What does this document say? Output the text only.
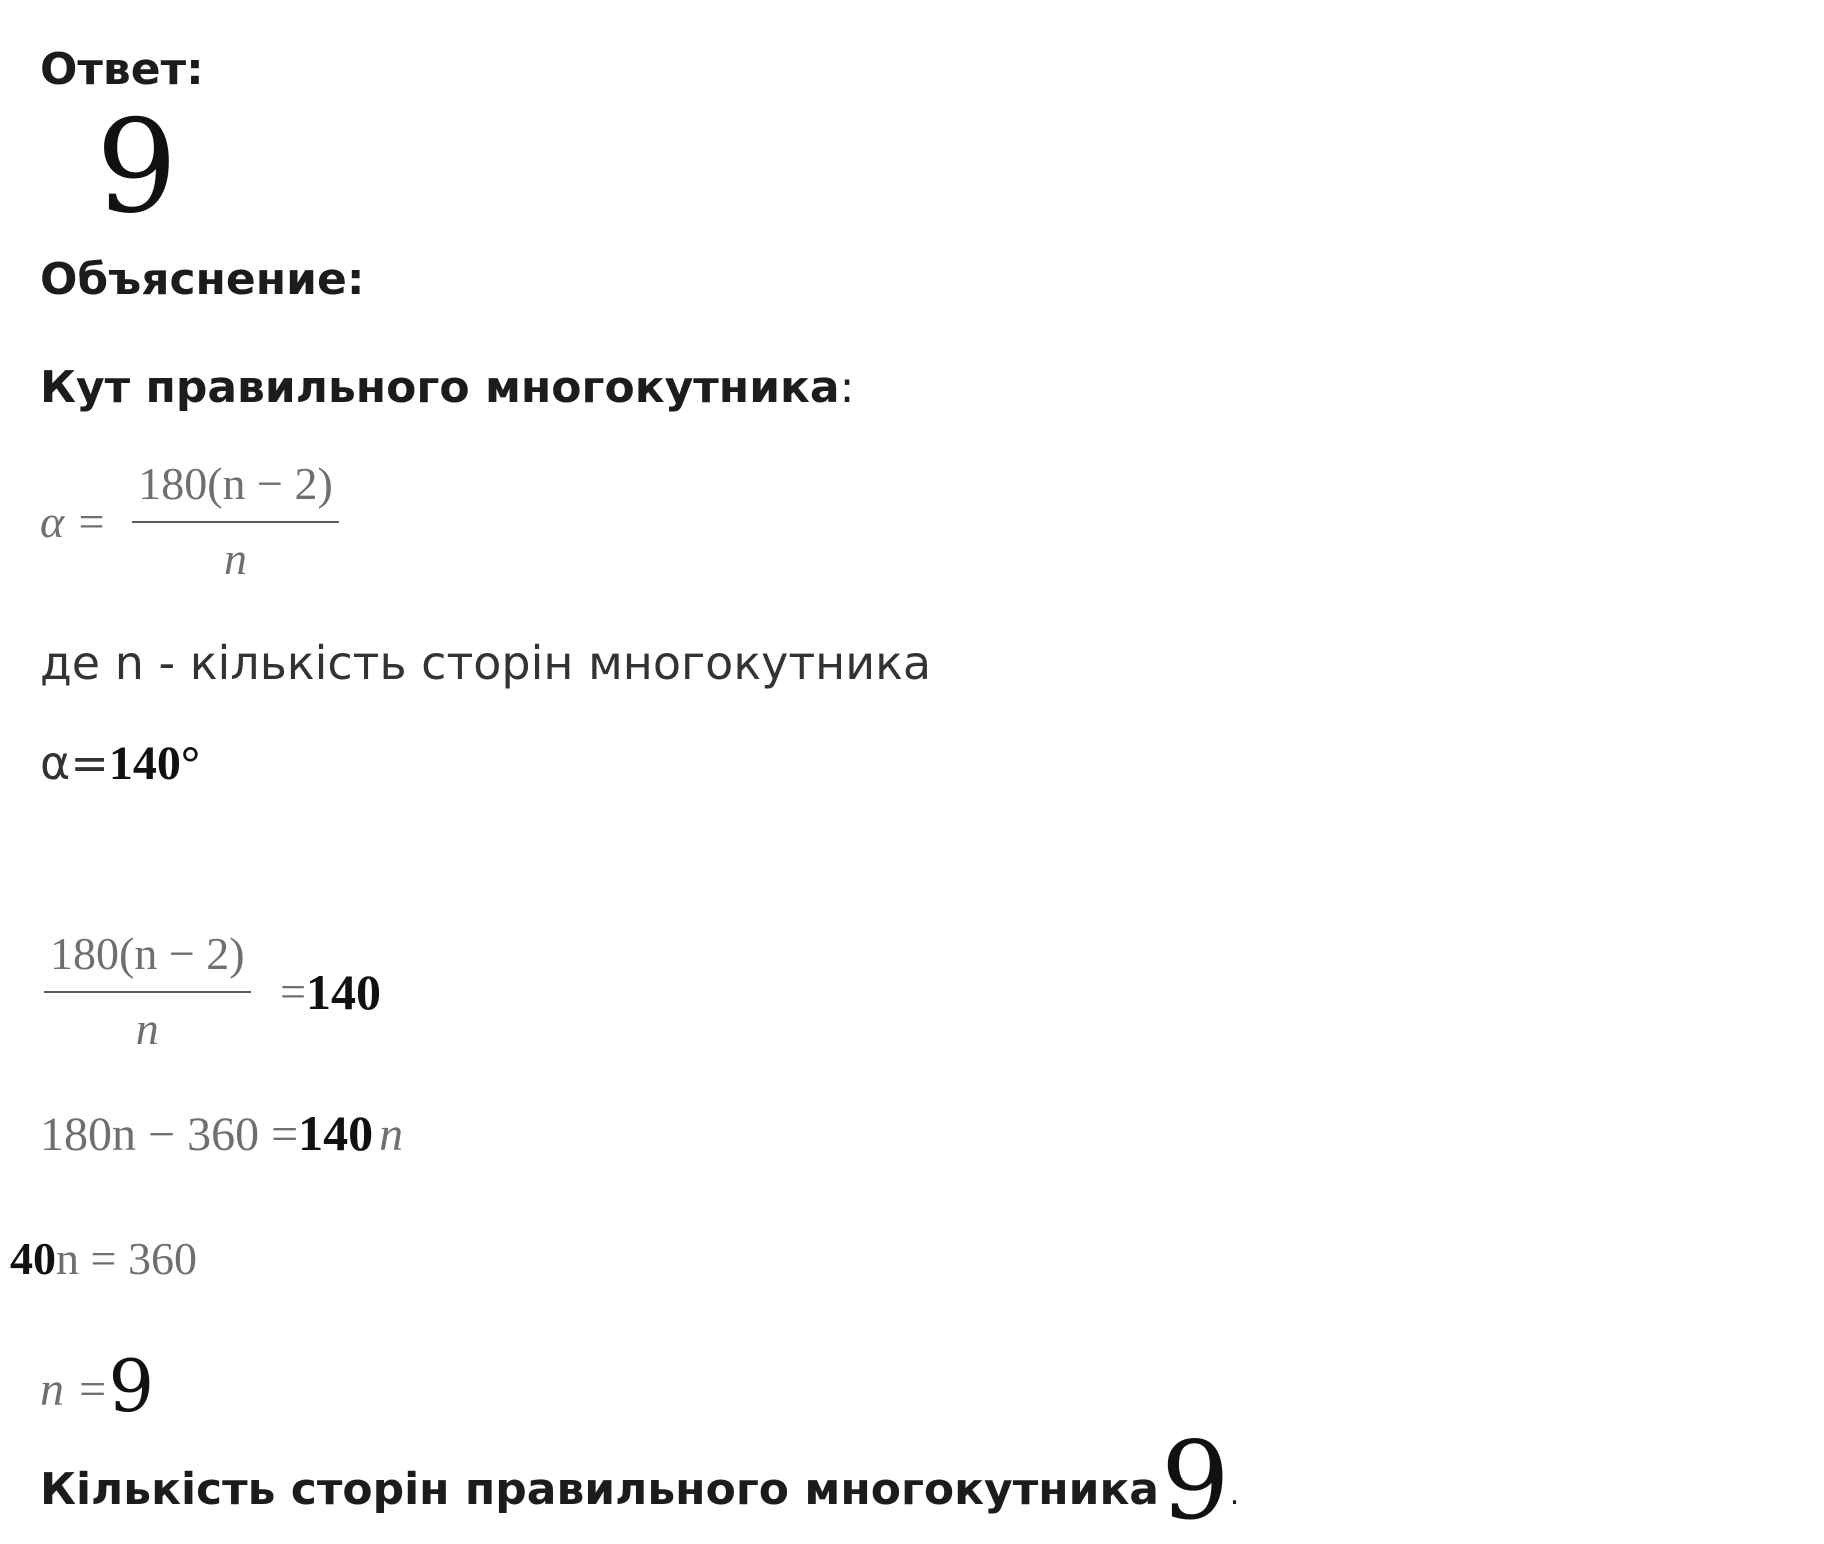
Ответ:
9
Объяснение:
Кут правильного многокутника:
$\alpha = \frac{180(n - 2)}{n}$
де n - кількість сторін многокутника
α=140°
$\frac{180(n - 2)}{n} =140$
180n − 360 =140 n
40n = 360
n =9
Кількість сторін правильного многокутника9.
